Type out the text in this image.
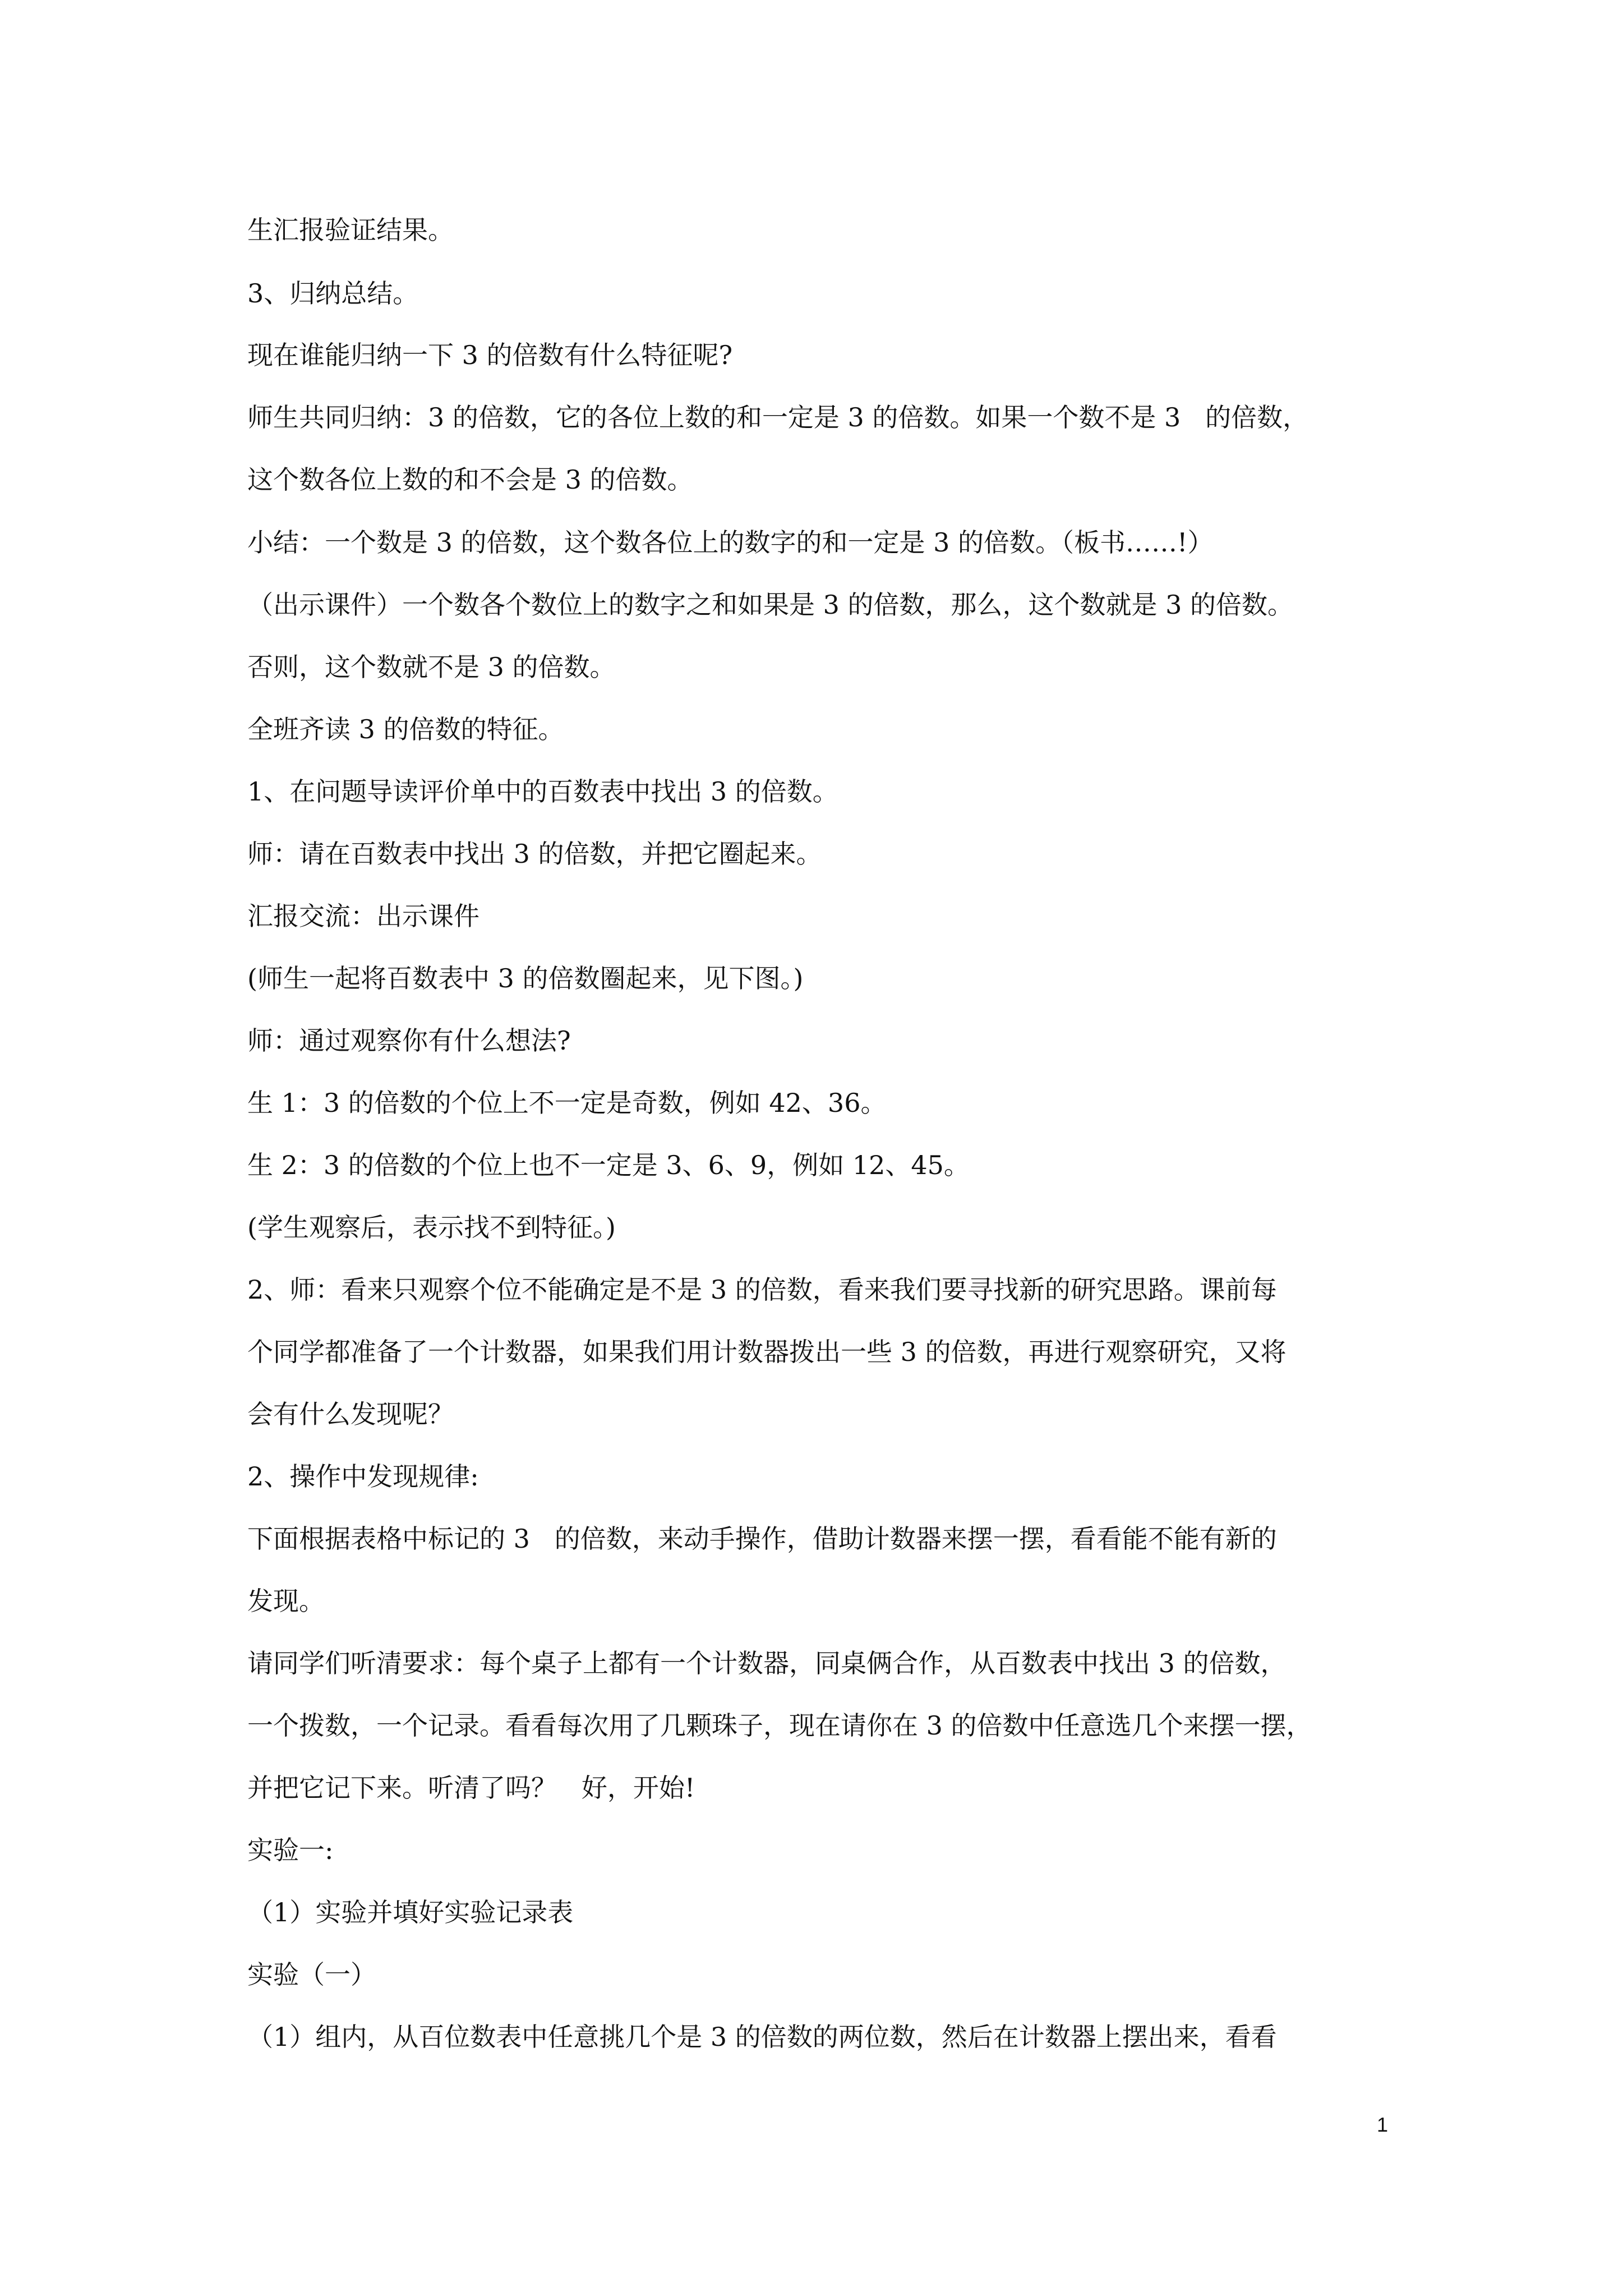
生汇报验证结果。
3、归纳总结。
现在谁能归纳一下 3 的倍数有什么特征呢?
师生共同归纳：3 的倍数，它的各位上数的和一定是 3 的倍数。如果一个数不是 3   的倍数，
这个数各位上数的和不会是 3 的倍数。
小结：一个数是 3 的倍数，这个数各位上的数字的和一定是 3 的倍数。（板书……!）
（出示课件）一个数各个数位上的数字之和如果是 3 的倍数，那么，这个数就是 3 的倍数。
否则，这个数就不是 3 的倍数。
全班齐读 3 的倍数的特征。
1、在问题导读评价单中的百数表中找出 3 的倍数。
师：请在百数表中找出 3 的倍数，并把它圈起来。
汇报交流：出示课件
(师生一起将百数表中 3 的倍数圈起来，见下图。)
师：通过观察你有什么想法?
生 1：3 的倍数的个位上不一定是奇数，例如 42、36。
生 2：3 的倍数的个位上也不一定是 3、6、9，例如 12、45。
(学生观察后，表示找不到特征。)
2、师：看来只观察个位不能确定是不是 3 的倍数，看来我们要寻找新的研究思路。课前每
个同学都准备了一个计数器，如果我们用计数器拨出一些 3 的倍数，再进行观察研究，又将
会有什么发现呢？
2、操作中发现规律:
下面根据表格中标记的 3   的倍数，来动手操作，借助计数器来摆一摆，看看能不能有新的
发现。
请同学们听清要求：每个桌子上都有一个计数器，同桌俩合作，从百数表中找出 3 的倍数，
一个拨数，一个记录。看看每次用了几颗珠子，现在请你在 3 的倍数中任意选几个来摆一摆，
并把它记下来。听清了吗？   好，开始!
实验一:
（1）实验并填好实验记录表
实验（一）
（1）组内，从百位数表中任意挑几个是 3 的倍数的两位数，然后在计数器上摆出来，看看
1
